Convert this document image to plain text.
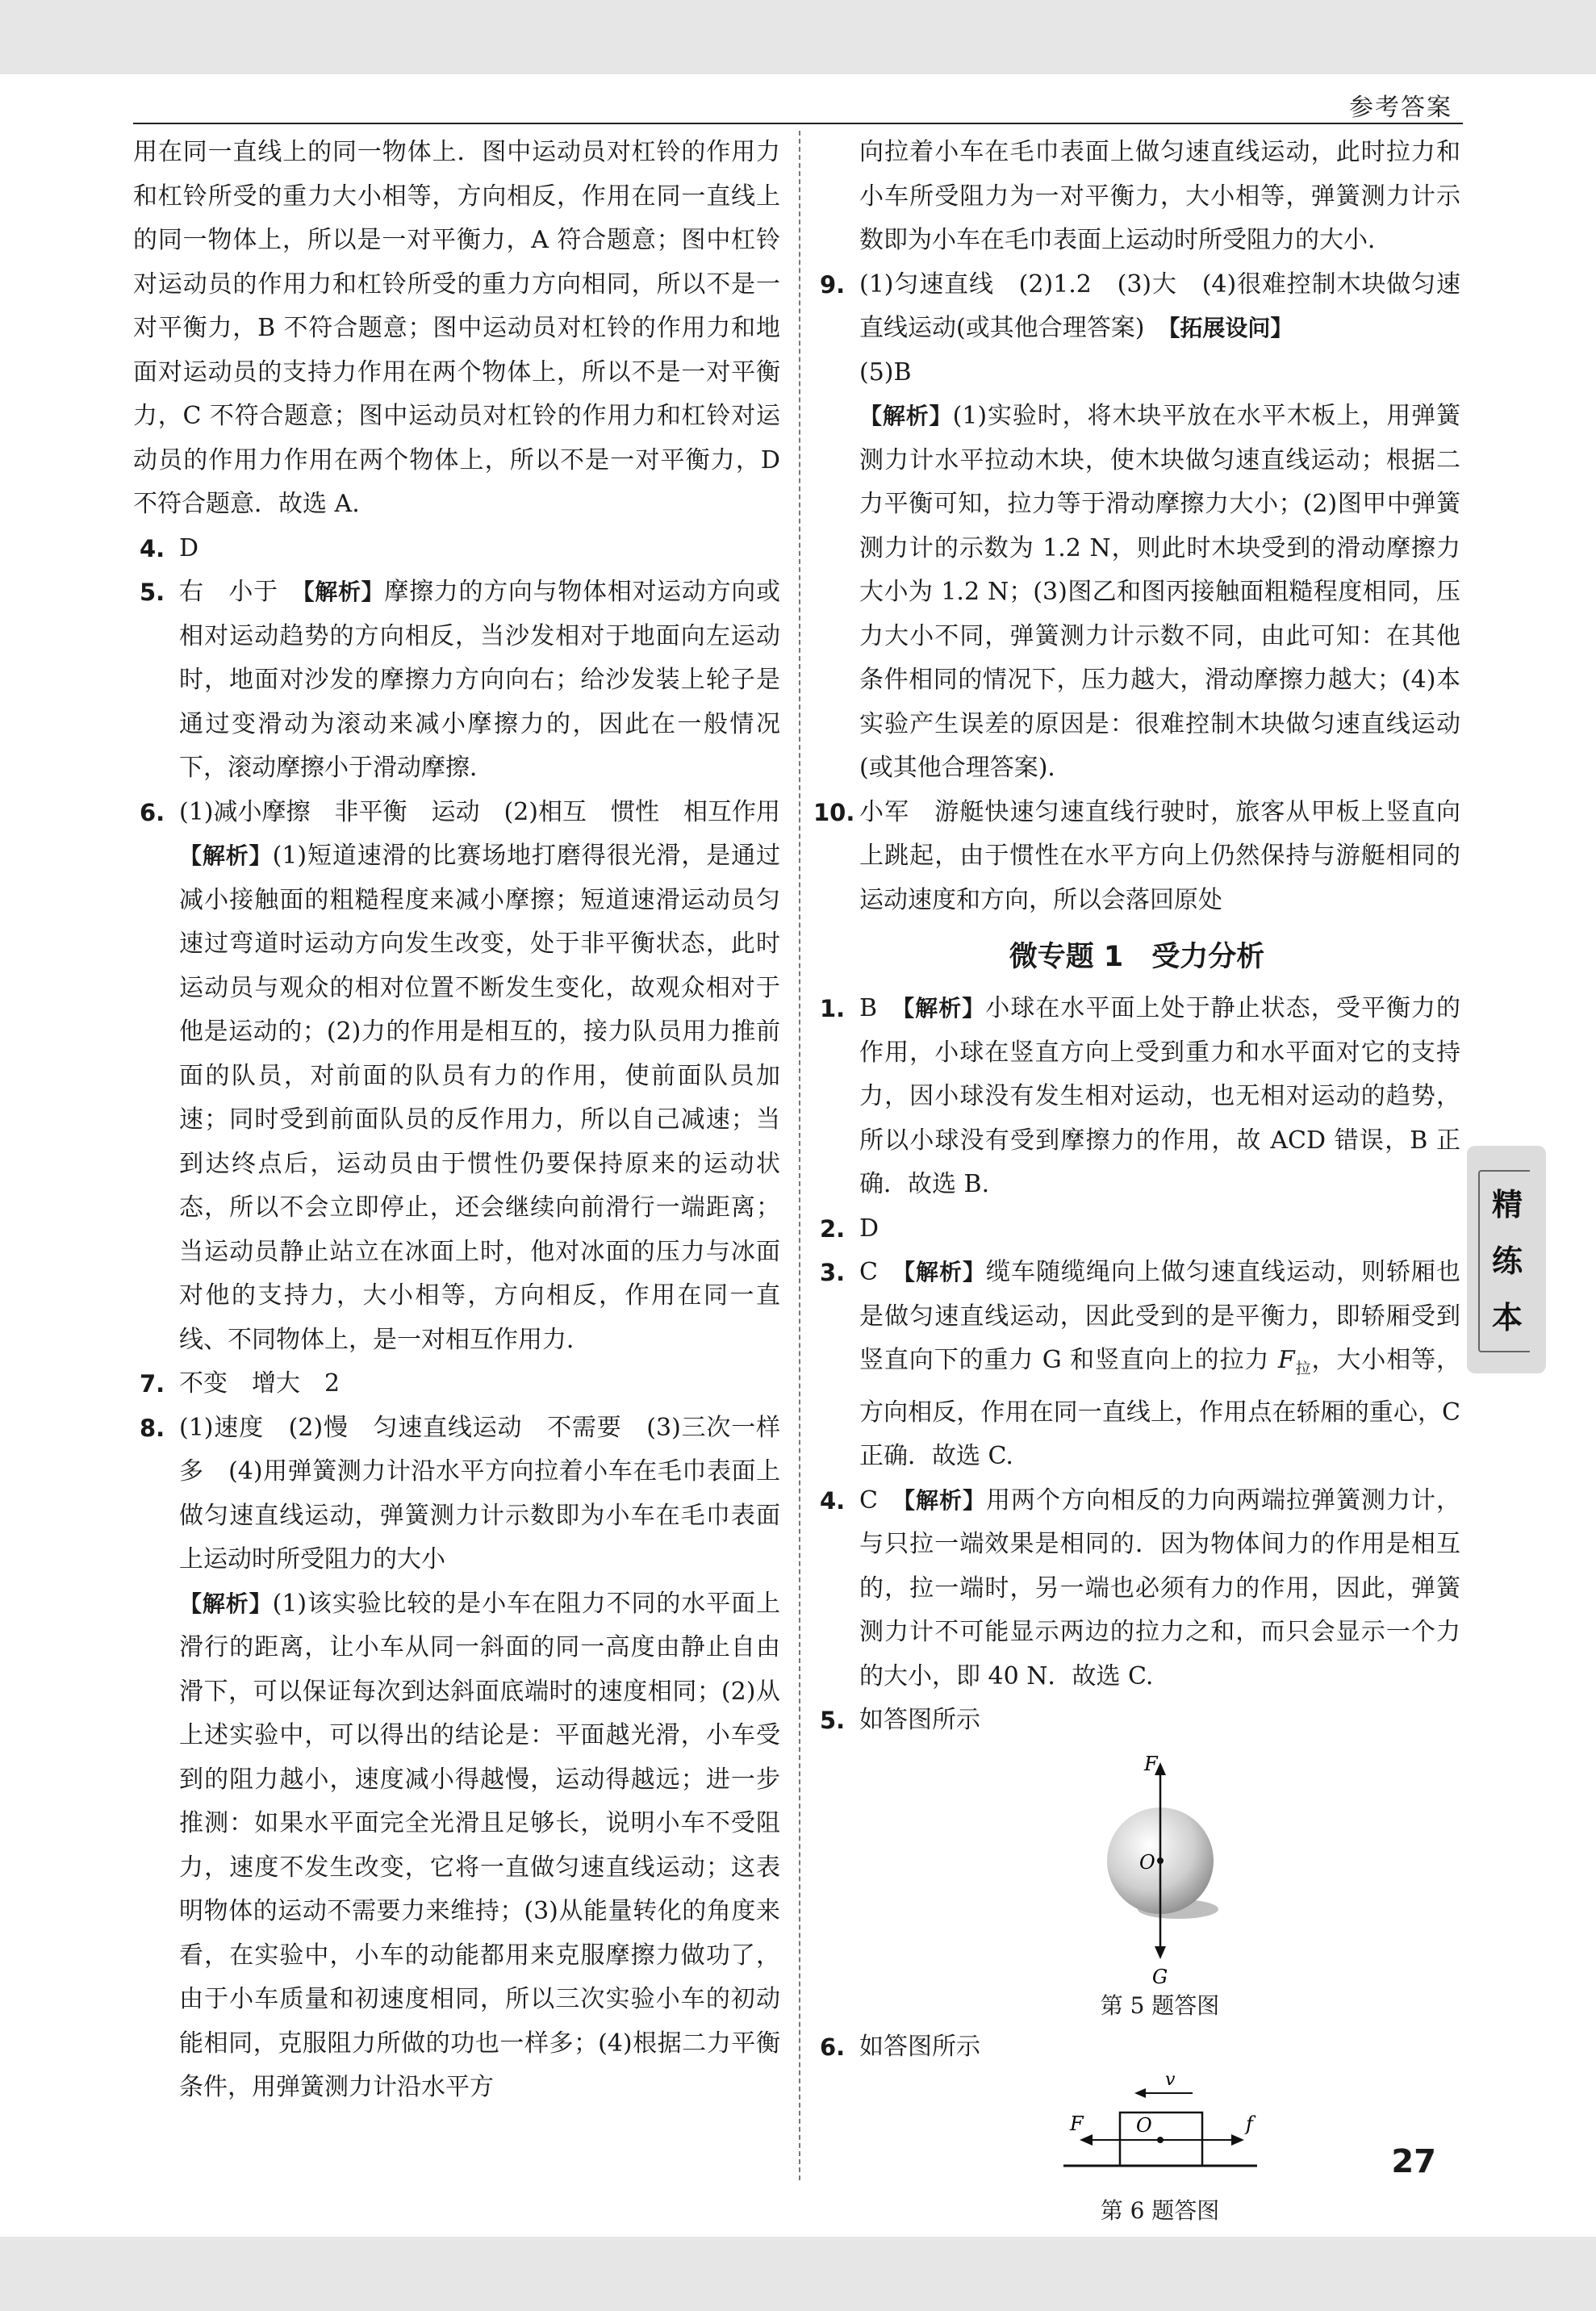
参考答案

用在同一直线上的同一物体上．图中运动员对杠铃的作用力和杠铃所受的重力大小相等，方向相反，作用在同一直线上的同一物体上，所以是一对平衡力，A 符合题意；图中杠铃对运动员的作用力和杠铃所受的重力方向相同，所以不是一对平衡力，B 不符合题意；图中运动员对杠铃的作用力和地面对运动员的支持力作用在两个物体上，所以不是一对平衡力，C 不符合题意；图中运动员对杠铃的作用力和杠铃对运动员的作用力作用在两个物体上，所以不是一对平衡力，D 不符合题意．故选 A.

4. D

5. 右　小于　【解析】摩擦力的方向与物体相对运动方向或相对运动趋势的方向相反，当沙发相对于地面向左运动时，地面对沙发的摩擦力方向向右；给沙发装上轮子是通过变滑动为滚动来减小摩擦力的，因此在一般情况下，滚动摩擦小于滑动摩擦．

6. (1)减小摩擦　非平衡　运动　(2)相互　惯性　相互作用

【解析】(1)短道速滑的比赛场地打磨得很光滑，是通过减小接触面的粗糙程度来减小摩擦；短道速滑运动员匀速过弯道时运动方向发生改变，处于非平衡状态，此时运动员与观众的相对位置不断发生变化，故观众相对于他是运动的；(2)力的作用是相互的，接力队员用力推前面的队员，对前面的队员有力的作用，使前面队员加速；同时受到前面队员的反作用力，所以自己减速；当到达终点后，运动员由于惯性仍要保持原来的运动状态，所以不会立即停止，还会继续向前滑行一端距离；当运动员静止站立在冰面上时，他对冰面的压力与冰面对他的支持力，大小相等，方向相反，作用在同一直线、不同物体上，是一对相互作用力．

7. 不变　增大　2

8. (1)速度　(2)慢　匀速直线运动　不需要　(3)三次一样多　(4)用弹簧测力计沿水平方向拉着小车在毛巾表面上做匀速直线运动，弹簧测力计示数即为小车在毛巾表面上运动时所受阻力的大小

【解析】(1)该实验比较的是小车在阻力不同的水平面上滑行的距离，让小车从同一斜面的同一高度由静止自由滑下，可以保证每次到达斜面底端时的速度相同；(2)从上述实验中，可以得出的结论是：平面越光滑，小车受到的阻力越小，速度减小得越慢，运动得越远；进一步推测：如果水平面完全光滑且足够长，说明小车不受阻力，速度不发生改变，它将一直做匀速直线运动；这表明物体的运动不需要力来维持；(3)从能量转化的角度来看，在实验中，小车的动能都用来克服摩擦力做功了，由于小车质量和初速度相同，所以三次实验小车的初动能相同，克服阻力所做的功也一样多；(4)根据二力平衡条件，用弹簧测力计沿水平方

向拉着小车在毛巾表面上做匀速直线运动，此时拉力和小车所受阻力为一对平衡力，大小相等，弹簧测力计示数即为小车在毛巾表面上运动时所受阻力的大小．

9. (1)匀速直线　(2)1.2　(3)大　(4)很难控制木块做匀速直线运动(或其他合理答案)　【拓展设问】
(5)B

【解析】(1)实验时，将木块平放在水平木板上，用弹簧测力计水平拉动木块，使木块做匀速直线运动；根据二力平衡可知，拉力等于滑动摩擦力大小；(2)图甲中弹簧测力计的示数为 1.2 N，则此时木块受到的滑动摩擦力大小为 1.2 N；(3)图乙和图丙接触面粗糙程度相同，压力大小不同，弹簧测力计示数不同，由此可知：在其他条件相同的情况下，压力越大，滑动摩擦力越大；(4)本实验产生误差的原因是：很难控制木块做匀速直线运动(或其他合理答案)．

10. 小军　游艇快速匀速直线行驶时，旅客从甲板上竖直向上跳起，由于惯性在水平方向上仍然保持与游艇相同的运动速度和方向，所以会落回原处

微专题 1　受力分析
1. B　【解析】小球在水平面上处于静止状态，受平衡力的作用，小球在竖直方向上受到重力和水平面对它的支持力，因小球没有发生相对运动，也无相对运动的趋势，所以小球没有受到摩擦力的作用，故 ACD 错误，B 正确．故选 B.

2. D

3. C　【解析】缆车随缆绳向上做匀速直线运动，则轿厢也是做匀速直线运动，因此受到的是平衡力，即轿厢受到竖直向下的重力 G 和竖直向上的拉力 $F_拉$，大小相等，方向相反，作用在同一直线上，作用点在轿厢的重心，C 正确．故选 C.

4. C　【解析】用两个方向相反的力向两端拉弹簧测力计，与只拉一端效果是相同的．因为物体间力的作用是相互的，拉一端时，另一端也必须有力的作用，因此，弹簧测力计不可能显示两边的拉力之和，而只会显示一个力的大小，即 40 N．故选 C.

5. 如答图所示

F
O
G
第 5 题答图
6. 如答图所示

v
F	O	f
第 6 题答图
精
练
本
27
